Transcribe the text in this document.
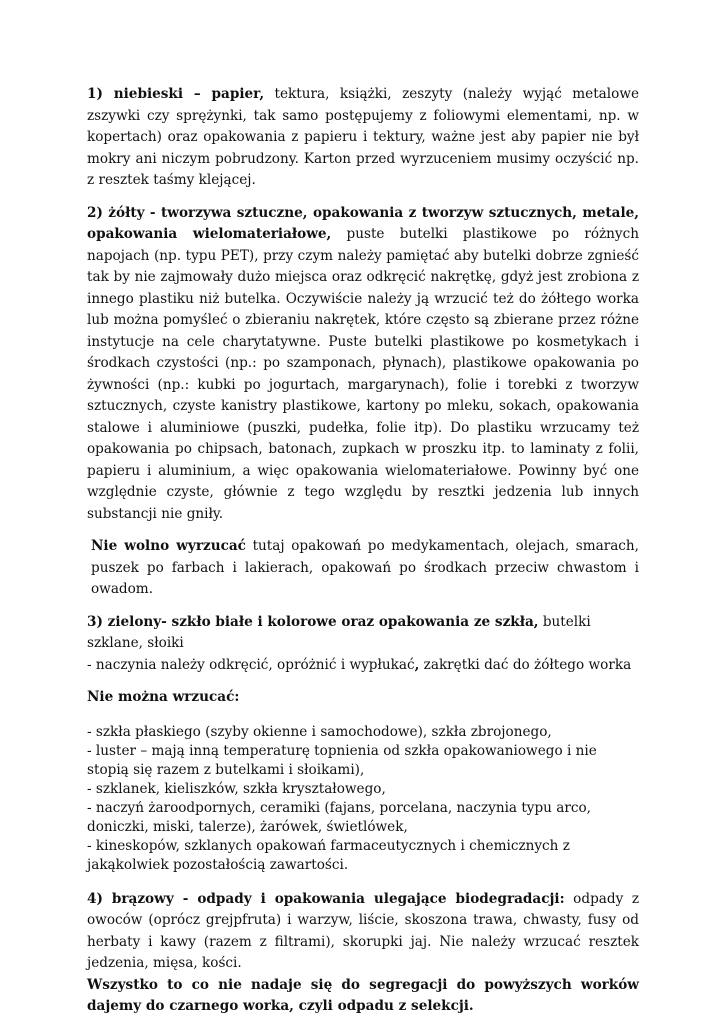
1) niebieski – papier, tektura, książki, zeszyty (należy wyjąć metalowe zszywki czy sprężynki, tak samo postępujemy z foliowymi elementami, np. w kopertach) oraz opakowania z papieru i tektury, ważne jest aby papier nie był mokry ani niczym pobrudzony. Karton przed wyrzuceniem musimy oczyścić np. z resztek taśmy klejącej.

2) żółty - tworzywa sztuczne, opakowania z tworzyw sztucznych, metale, opakowania wielomateriałowe, puste butelki plastikowe po różnych napojach (np. typu PET), przy czym należy pamiętać aby butelki dobrze zgnieść tak by nie zajmowały dużo miejsca oraz odkręcić nakrętkę, gdyż jest zrobiona z innego plastiku niż butelka. Oczywiście należy ją wrzucić też do żółtego worka lub można pomyśleć o zbieraniu nakrętek, które często są zbierane przez różne instytucje na cele charytatywne. Puste butelki plastikowe po kosmetykach i środkach czystości (np.: po szamponach, płynach), plastikowe opakowania po żywności (np.: kubki po jogurtach, margarynach), folie i torebki z tworzyw sztucznych, czyste kanistry plastikowe, kartony po mleku, sokach, opakowania stalowe i aluminiowe (puszki, pudełka, folie itp). Do plastiku wrzucamy też opakowania po chipsach, batonach, zupkach w proszku itp. to laminaty z folii, papieru i aluminium, a więc opakowania wielomateriałowe. Powinny być one względnie czyste, głównie z tego względu by resztki jedzenia lub innych substancji nie gniły.

Nie wolno wyrzucać tutaj opakowań po medykamentach, olejach, smarach, puszek po farbach i lakierach, opakowań po środkach przeciw chwastom i owadom.

3) zielony- szkło białe i kolorowe oraz opakowania ze szkła, butelki szklane, słoiki

- naczynia należy odkręcić, opróżnić i wypłukać, zakrętki dać do żółtego worka

Nie można wrzucać:

- szkła płaskiego (szyby okienne i samochodowe), szkła zbrojonego,

- luster – mają inną temperaturę topnienia od szkła opakowaniowego i nie stopią się razem z butelkami i słoikami),

- szklanek, kieliszków, szkła kryształowego,

- naczyń żaroodpornych, ceramiki (fajans, porcelana, naczynia typu arco, doniczki, miski, talerze), żarówek, świetlówek,

- kineskopów, szklanych opakowań farmaceutycznych i chemicznych z jakąkolwiek pozostałością zawartości.

4) brązowy - odpady i opakowania ulegające biodegradacji: odpady z owoców (oprócz grejpfruta) i warzyw, liście, skoszona trawa, chwasty, fusy od herbaty i kawy (razem z filtrami), skorupki jaj. Nie należy wrzucać resztek jedzenia, mięsa, kości.

Wszystko to co nie nadaje się do segregacji do powyższych worków dajemy do czarnego worka, czyli odpadu z selekcji.
